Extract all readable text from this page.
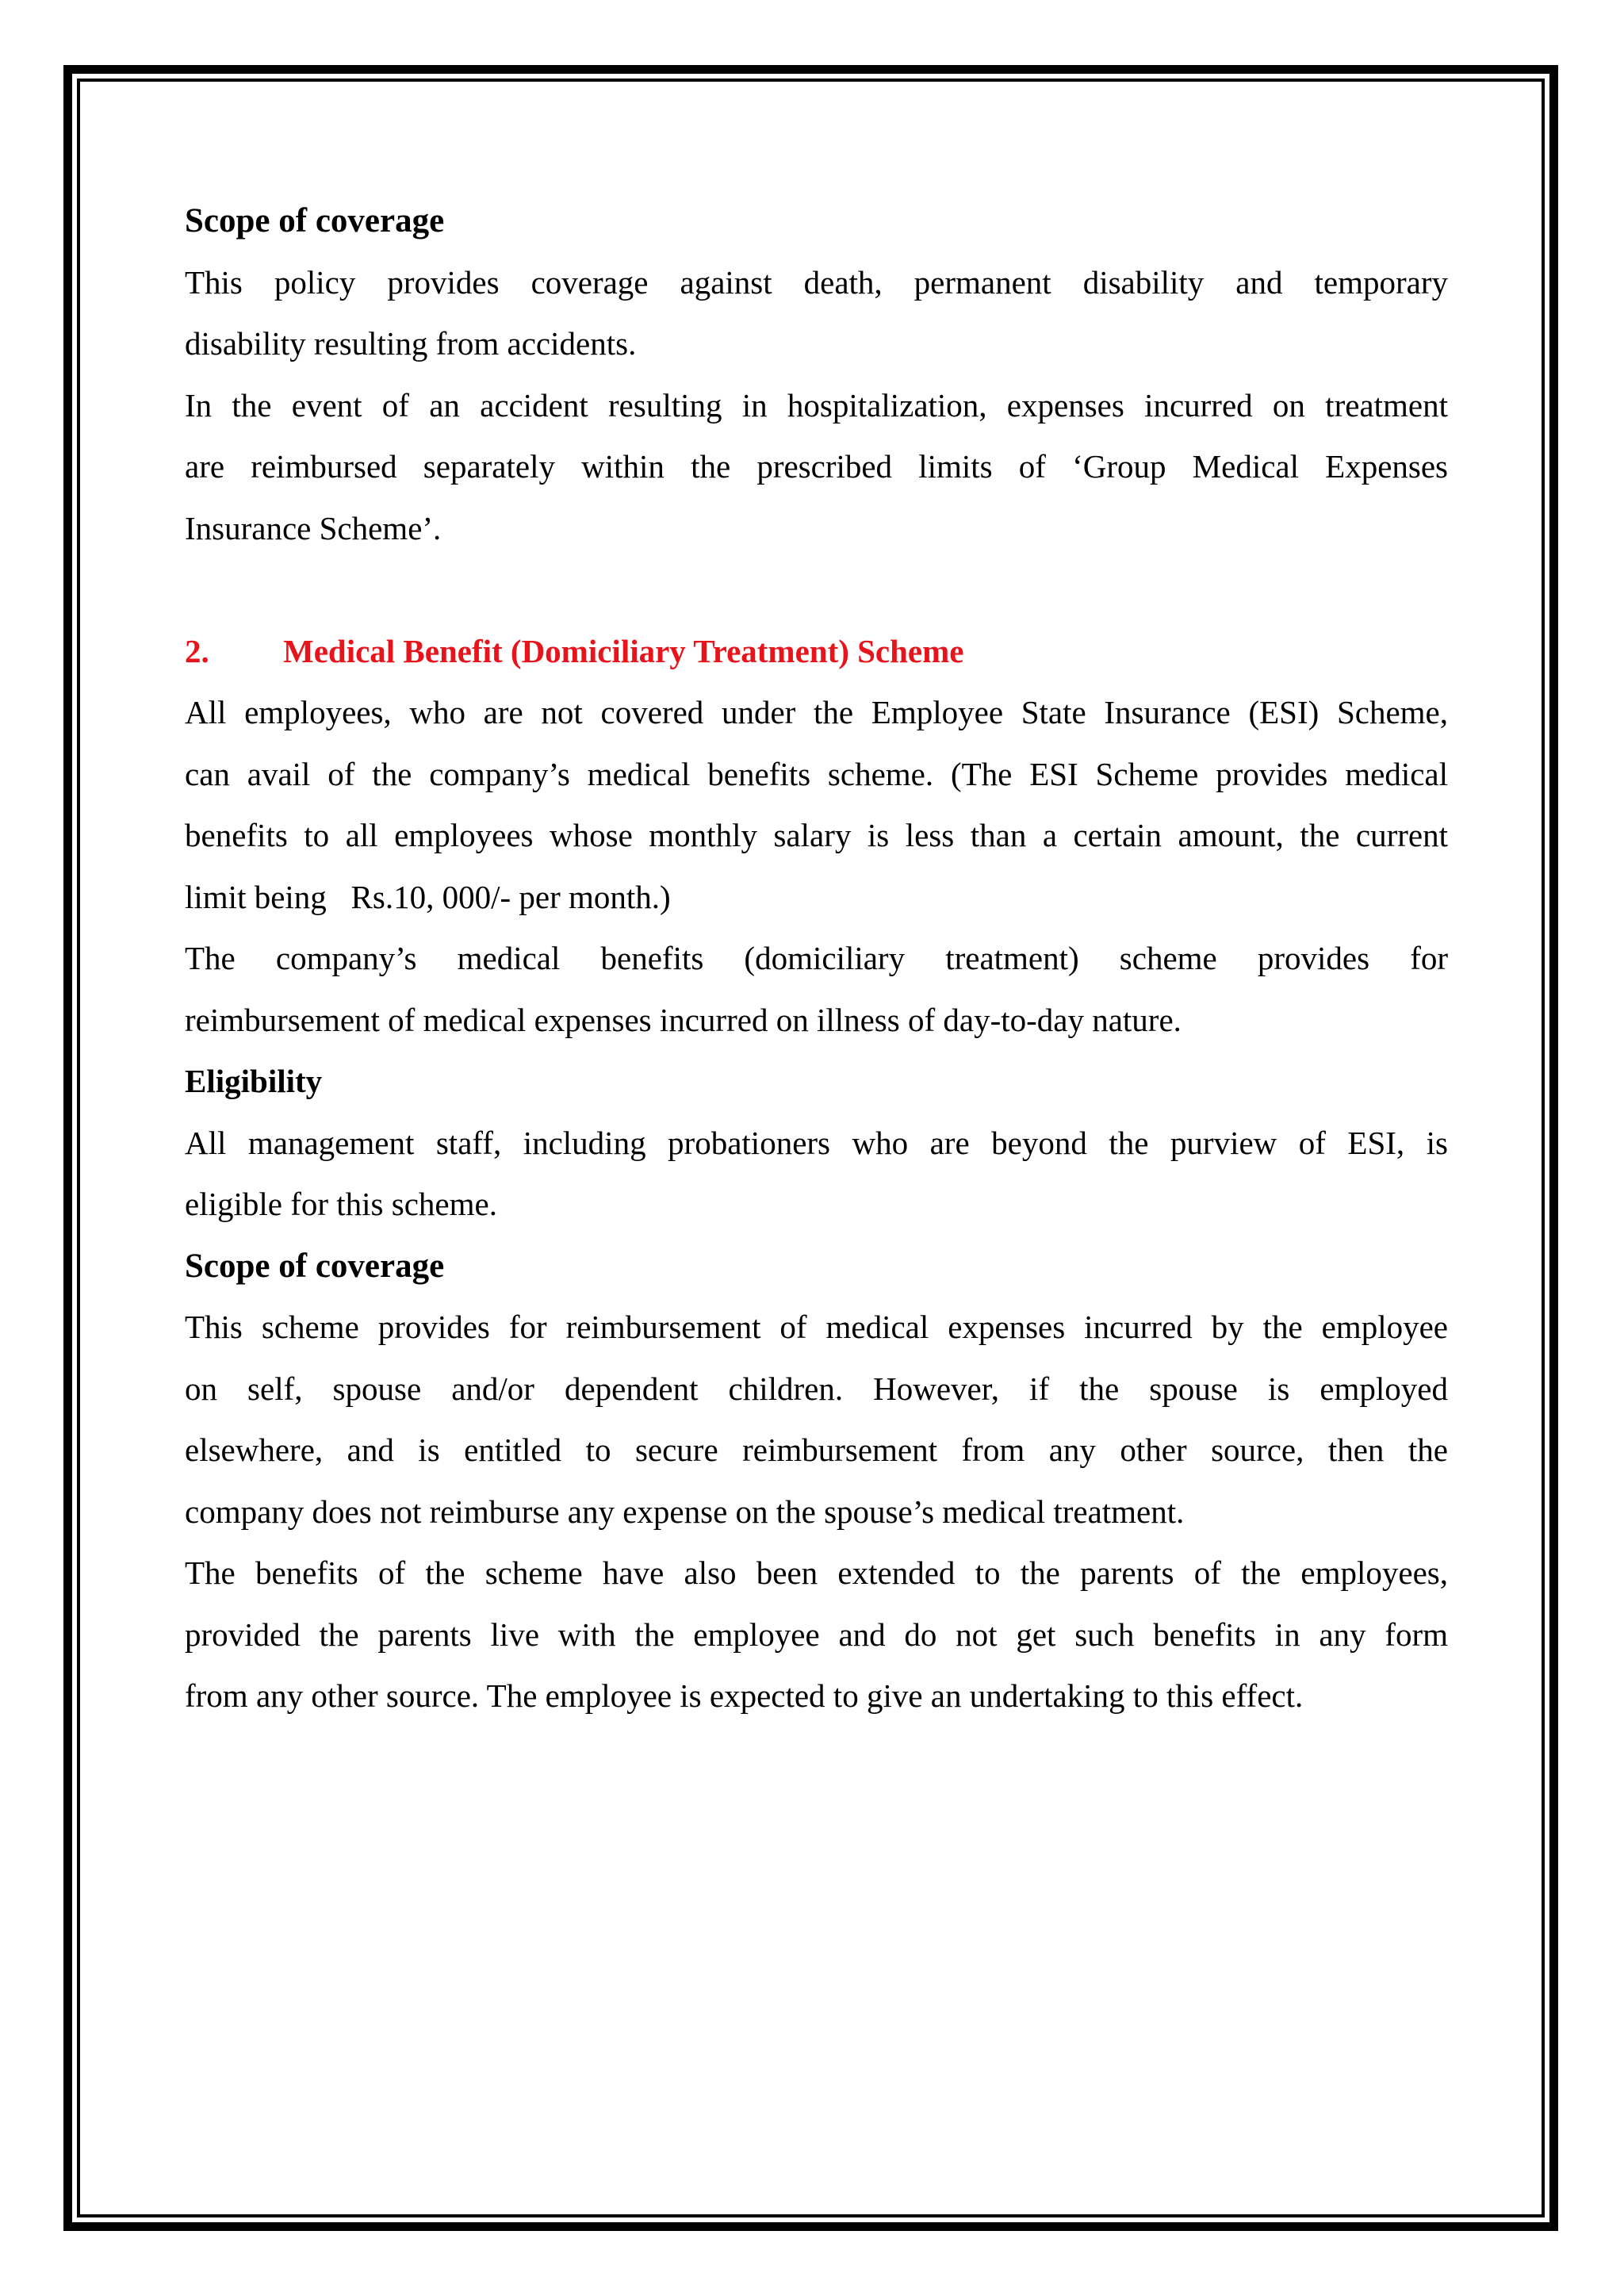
Scope of coverage
This policy provides coverage against death, permanent disability and temporary
disability resulting from accidents.
In the event of an accident resulting in hospitalization, expenses incurred on treatment
are reimbursed separately within the prescribed limits of ‘Group Medical Expenses
Insurance Scheme’.
2. Medical Benefit (Domiciliary Treatment) Scheme
All employees, who are not covered under the Employee State Insurance (ESI) Scheme,
can avail of the company’s medical benefits scheme. (The ESI Scheme provides medical
benefits to all employees whose monthly salary is less than a certain amount, the current
limit being   Rs.10, 000/- per month.)
The company’s medical benefits (domiciliary treatment) scheme provides for
reimbursement of medical expenses incurred on illness of day-to-day nature.
Eligibility
All management staff, including probationers who are beyond the purview of ESI, is
eligible for this scheme.
Scope of coverage
This scheme provides for reimbursement of medical expenses incurred by the employee
on self, spouse and/or dependent children. However, if the spouse is employed
elsewhere, and is entitled to secure reimbursement from any other source, then the
company does not reimburse any expense on the spouse’s medical treatment.
The benefits of the scheme have also been extended to the parents of the employees,
provided the parents live with the employee and do not get such benefits in any form
from any other source. The employee is expected to give an undertaking to this effect.
